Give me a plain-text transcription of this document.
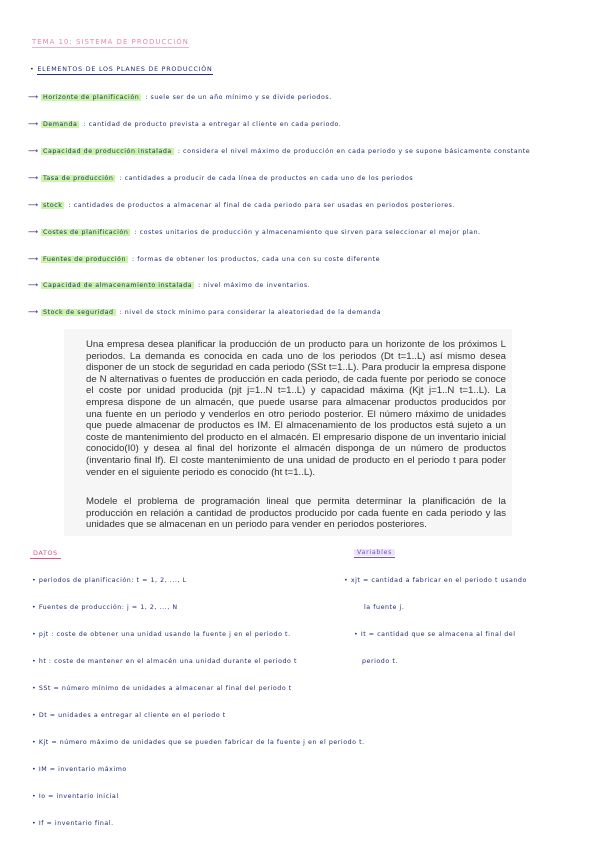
TEMA 10: SISTEMA DE PRODUCCIÓN
• ELEMENTOS DE LOS PLANES DE PRODUCCIÓN
⟶ Horizonte de planificación : suele ser de un año mínimo y se divide periodos.
⟶ Demanda : cantidad de producto prevista a entregar al cliente en cada periodo.
⟶ Capacidad de producción instalada : considera el nivel máximo de producción en cada periodo y se supone básicamente constante
⟶ Tasa de producción : cantidades a producir de cada línea de productos en cada uno de los periodos
⟶ stock : cantidades de productos a almacenar al final de cada periodo para ser usadas en periodos posteriores.
⟶ Costes de planificación : costes unitarios de producción y almacenamiento que sirven para seleccionar el mejor plan.
⟶ Fuentes de producción : formas de obtener los productos, cada una con su coste diferente
⟶ Capacidad de almacenamiento instalada : nivel máximo de inventarios.
⟶ Stock de seguridad : nivel de stock mínimo para considerar la aleatoriedad de la demanda

Una empresa desea planificar la producción de un producto para un horizonte de los próximos L periodos. La demanda es conocida en cada uno de los periodos (Dt t=1..L) así mismo desea disponer de un stock de seguridad en cada periodo (SSt t=1..L). Para producir la empresa dispone de N alternativas o fuentes de producción en cada periodo, de cada fuente por periodo se conoce el coste por unidad producida (pjt j=1..N t=1..L) y capacidad máxima (Kjt j=1..N t=1..L). La empresa dispone de un almacén, que puede usarse para almacenar productos producidos por una fuente en un periodo y venderlos en otro periodo posterior. El número máximo de unidades que puede almacenar de productos es IM. El almacenamiento de los productos está sujeto a un coste de mantenimiento del producto en el almacén. El empresario dispone de un inventario inicial conocido(I0) y desea al final del horizonte el almacén disponga de un número de productos (inventario final If). El coste mantenimiento de una unidad de producto en el periodo t para poder vender en el siguiente periodo es conocido (ht t=1..L).

Modele el problema de programación lineal que permita determinar la planificación de la producción en relación a cantidad de productos producido por cada fuente en cada periodo y las unidades que se almacenan en un periodo para vender en periodos posteriores.

DATOS	Variables
• periodos de planificación: t = 1, 2, ..., L
• Fuentes de producción: j = 1, 2, ..., N
• pjt : coste de obtener una unidad usando la fuente j en el periodo t.
• ht : coste de mantener en el almacén una unidad durante el periodo t
• SSt = número mínimo de unidades a almacenar al final del periodo t
• Dt = unidades a entregar al cliente en el periodo t
• Kjt = número máximo de unidades que se pueden fabricar de la fuente j en el periodo t.
• IM = inventario máximo
• Io = inventario inicial
• If = inventario final.
• xjt = cantidad a fabricar en el periodo t usando
la fuente j.
• It = cantidad que se almacena al final del
periodo t.
